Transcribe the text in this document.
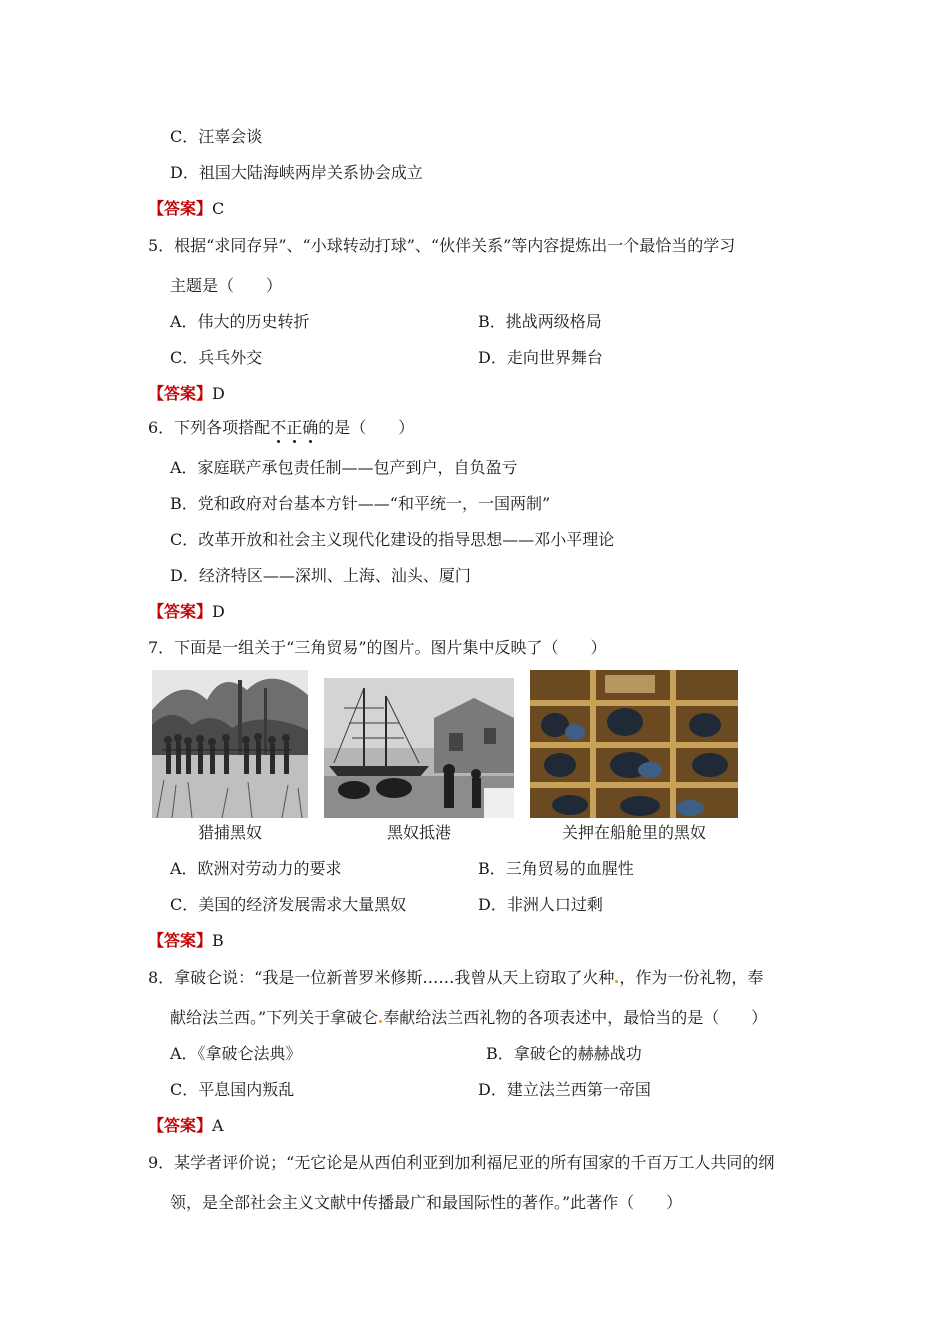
C．汪辜会谈
D．祖国大陆海峡两岸关系协会成立
【答案】C
5．根据“求同存异”、“小球转动打球”、“伙伴关系”等内容提炼出一个最恰当的学习
主题是（　　）
A．伟大的历史转折	B．挑战两级格局
C．兵乓外交	D．走向世界舞台
【答案】D
6．下列各项搭配不正确的是（　　）
A．家庭联产承包责任制——包产到户，自负盈亏
B．党和政府对台基本方针——“和平统一，一国两制”
C．改革开放和社会主义现代化建设的指导思想——邓小平理论
D．经济特区——深圳、上海、汕头、厦门
【答案】D
7．下面是一组关于“三角贸易”的图片。图片集中反映了（　　）
猎捕黑奴	黑奴抵港	关押在船舱里的黑奴
A．欧洲对劳动力的要求	B．三角贸易的血腥性
C．美国的经济发展需求大量黑奴	D．非洲人口过剩
【答案】B
8．拿破仑说：“我是一位新普罗米修斯……我曾从天上窃取了火种 ，作为一份礼物，奉
献给法兰西。”下列关于拿破仑 奉献给法兰西礼物的各项表述中，最恰当的是（　　）
A．《拿破仑法典》	B．拿破仑的赫赫战功
C．平息国内叛乱	D．建立法兰西第一帝国
【答案】A
9．某学者评价说；“无它论是从西伯利亚到加利福尼亚的所有国家的千百万工人共同的纲
领，是全部社会主义文献中传播最广和最国际性的著作。”此著作（　　）
